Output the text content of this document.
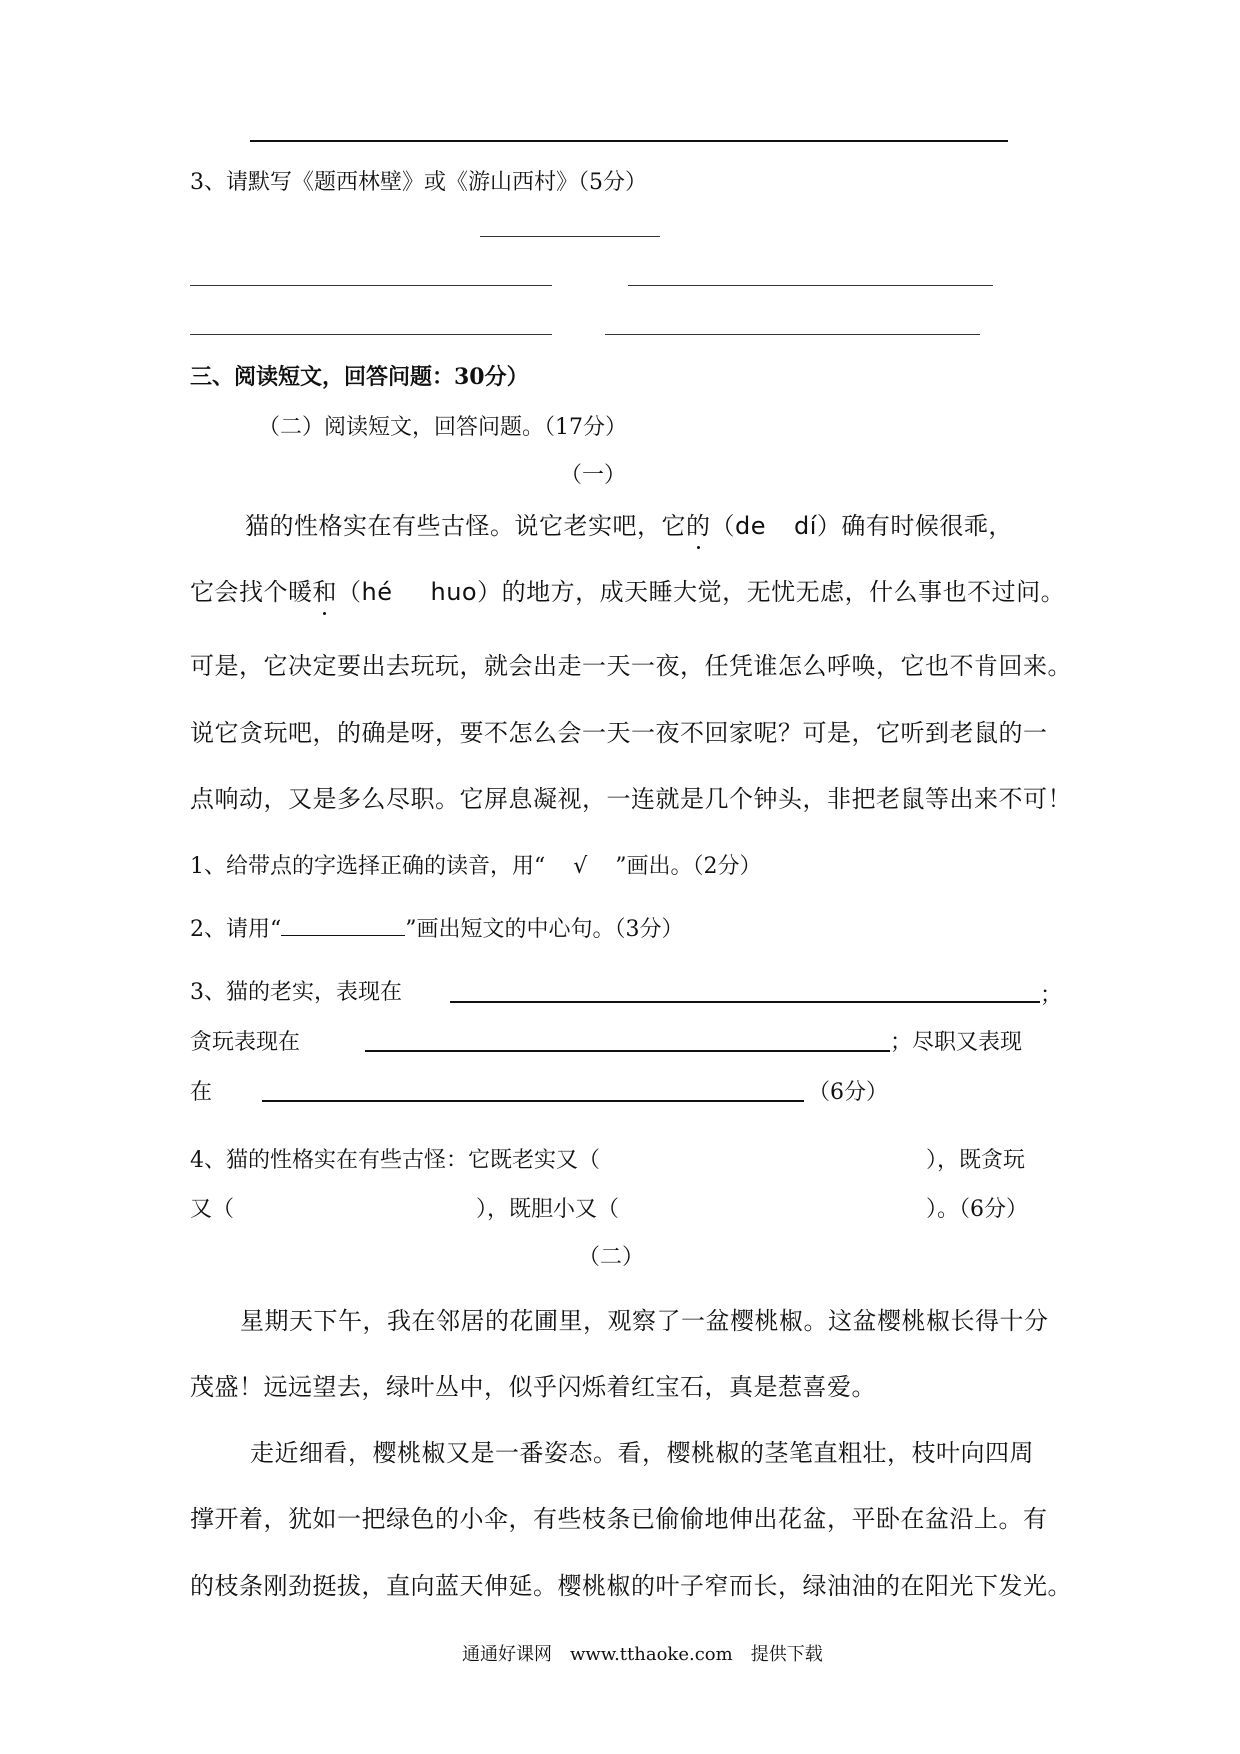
3、请默写《题西林壁》或《游山西村》（5分）
三、阅读短文，回答问题：30分）
（二）阅读短文，回答问题。（17分）
（一）
猫的性格实在有些古怪。说它老实吧，它的（de dí）确有时候很乖，
它会找个暖和（hé huo）的地方，成天睡大觉，无忧无虑，什么事也不过问。
可是，它决定要出去玩玩，就会出走一天一夜，任凭谁怎么呼唤，它也不肯回来。
说它贪玩吧，的确是呀，要不怎么会一天一夜不回家呢？可是，它听到老鼠的一
点响动，又是多么尽职。它屏息凝视，一连就是几个钟头，非把老鼠等出来不可！
1、给带点的字选择正确的读音，用“ √ ”画出。（2分）
2、请用“	”画出短文的中心句。（3分）
3、猫的老实，表现在	；
贪玩表现在	；尽职又表现
在	（6分）
4、猫的性格实在有些古怪：它既老实又（	），既贪玩
又（	），既胆小又（	）。（6分）
（二）
星期天下午，我在邻居的花圃里，观察了一盆樱桃椒。这盆樱桃椒长得十分
茂盛！远远望去，绿叶丛中，似乎闪烁着红宝石，真是惹喜爱。
走近细看，樱桃椒又是一番姿态。看，樱桃椒的茎笔直粗壮，枝叶向四周
撑开着，犹如一把绿色的小伞，有些枝条已偷偷地伸出花盆，平卧在盆沿上。有
的枝条刚劲挺拔，直向蓝天伸延。樱桃椒的叶子窄而长，绿油油的在阳光下发光。
通通好课网　www.tthaoke.com　提供下载
